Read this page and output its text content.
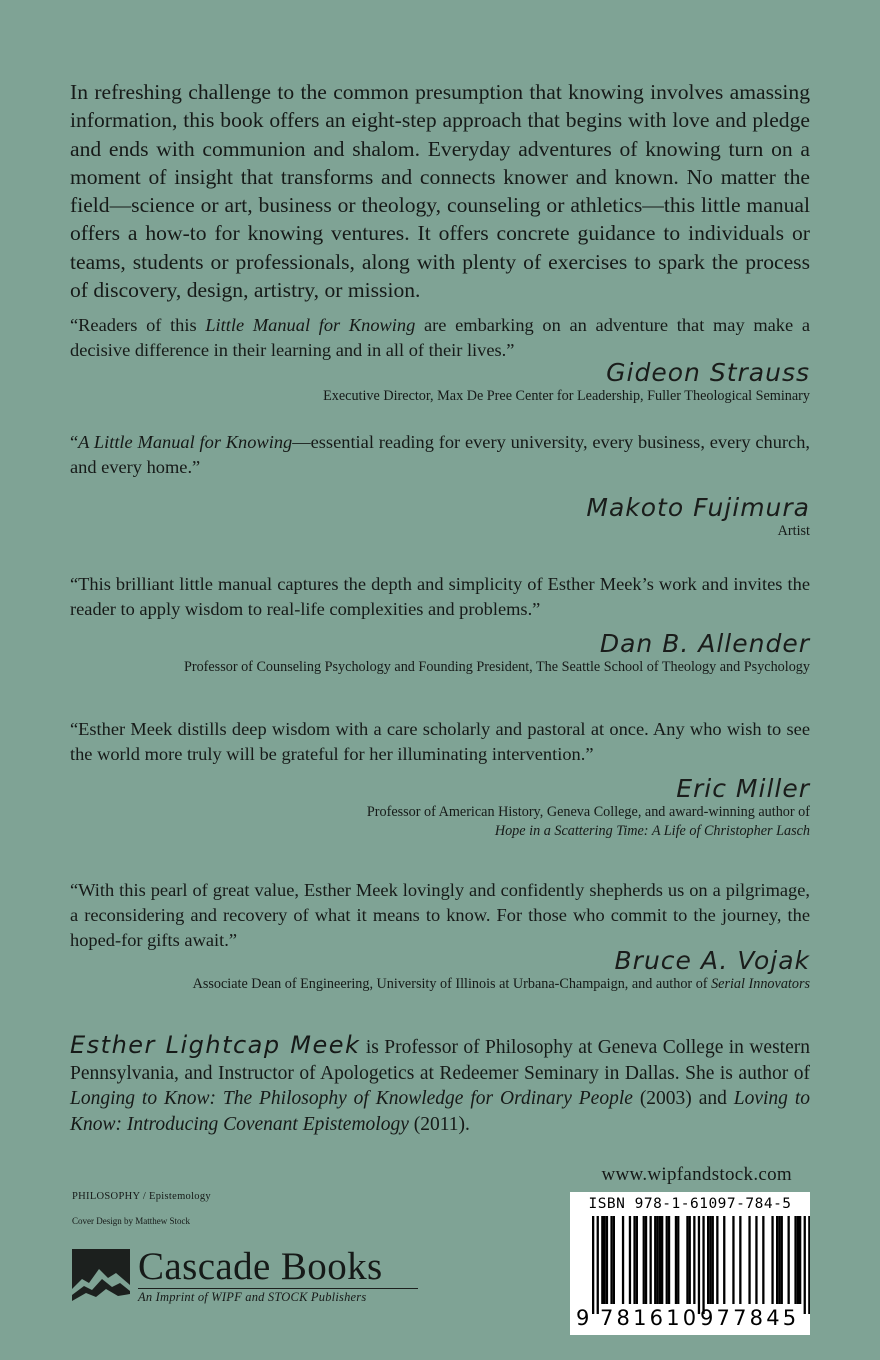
In refreshing challenge to the common presumption that knowing involves amassing information, this book offers an eight-step approach that begins with love and pledge and ends with communion and shalom. Everyday adventures of knowing turn on a moment of insight that transforms and connects knower and known. No matter the field—science or art, business or theology, counseling or athletics—this little manual offers a how-to for knowing ventures. It offers concrete guidance to individuals or teams, students or professionals, along with plenty of exercises to spark the process of discovery, design, artistry, or mission.

“Readers of this Little Manual for Knowing are embarking on an adventure that may make a decisive difference in their learning and in all of their lives.”

Gideon Strauss
Executive Director, Max De Pree Center for Leadership, Fuller Theological Seminary

“A Little Manual for Knowing—essential reading for every university, every business, every church, and every home.”

Makoto Fujimura
Artist

“This brilliant little manual captures the depth and simplicity of Esther Meek’s work and invites the reader to apply wisdom to real-life complexities and problems.”

Dan B. Allender
Professor of Counseling Psychology and Founding President, The Seattle School of Theology and Psychology

“Esther Meek distills deep wisdom with a care scholarly and pastoral at once. Any who wish to see the world more truly will be grateful for her illuminating intervention.”

Eric Miller
Professor of American History, Geneva College, and award-winning author of
Hope in a Scattering Time: A Life of Christopher Lasch

“With this pearl of great value, Esther Meek lovingly and confidently shepherds us on a pilgrimage, a reconsidering and recovery of what it means to know. For those who commit to the journey, the hoped-for gifts await.”

Bruce A. Vojak
Associate Dean of Engineering, University of Illinois at Urbana-Champaign, and author of Serial Innovators

Esther Lightcap Meek is Professor of Philosophy at Geneva College in western Pennsylvania, and Instructor of Apologetics at Redeemer Seminary in Dallas. She is author of Longing to Know: The Philosophy of Knowledge for Ordinary People (2003) and Loving to Know: Introducing Covenant Epistemology (2011).

www.wipfandstock.com
PHILOSOPHY / Epistemology
Cover Design by Matthew Stock
Cascade Books
An Imprint of WIPF and STOCK Publishers
ISBN 978-1-61097-784-5
9 781610 977845
